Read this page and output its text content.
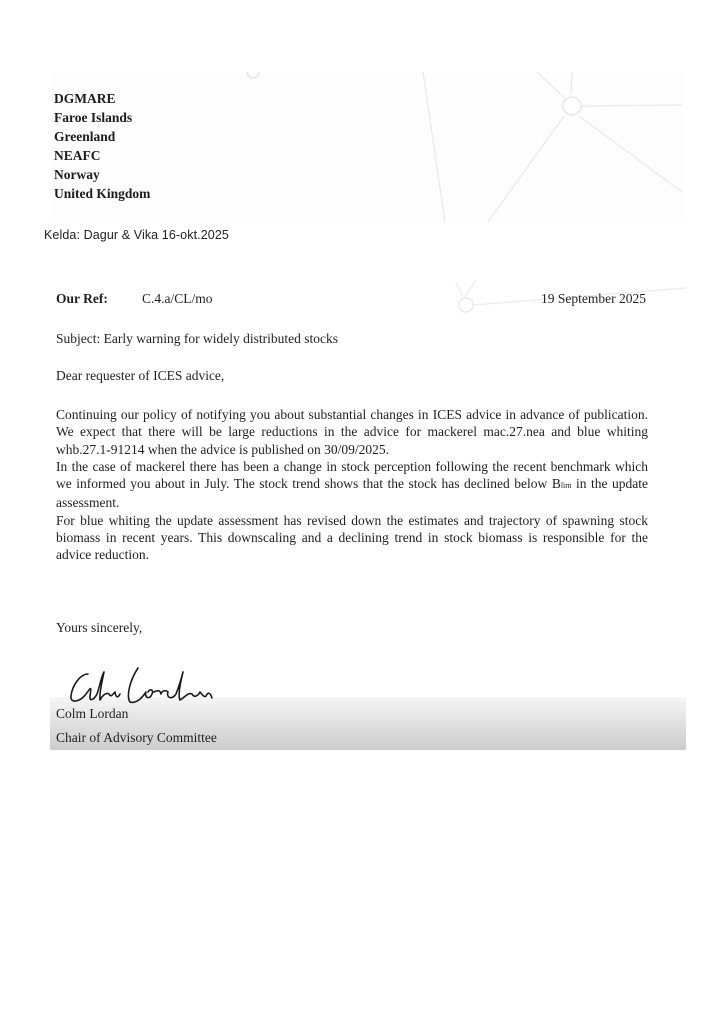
DGMARE
Faroe Islands
Greenland
NEAFC
Norway
United Kingdom
Kelda: Dagur & Vika 16-okt.2025
Our Ref:	C.4.a/CL/mo	19 September 2025
Subject: Early warning for widely distributed stocks
Dear requester of ICES advice,

Continuing our policy of notifying you about substantial changes in ICES advice in advance of publication. We expect that there will be large reductions in the advice for mackerel mac.27.nea and blue whiting whb.27.1-91214 when the advice is published on 30/09/2025.

In the case of mackerel there has been a change in stock perception following the recent benchmark which we informed you about in July. The stock trend shows that the stock has declined below Blim in the update assessment.

For blue whiting the update assessment has revised down the estimates and trajectory of spawning stock biomass in recent years. This downscaling and a declining trend in stock biomass is responsible for the advice reduction.

Yours sincerely,
Colm Lordan
Chair of Advisory Committee
